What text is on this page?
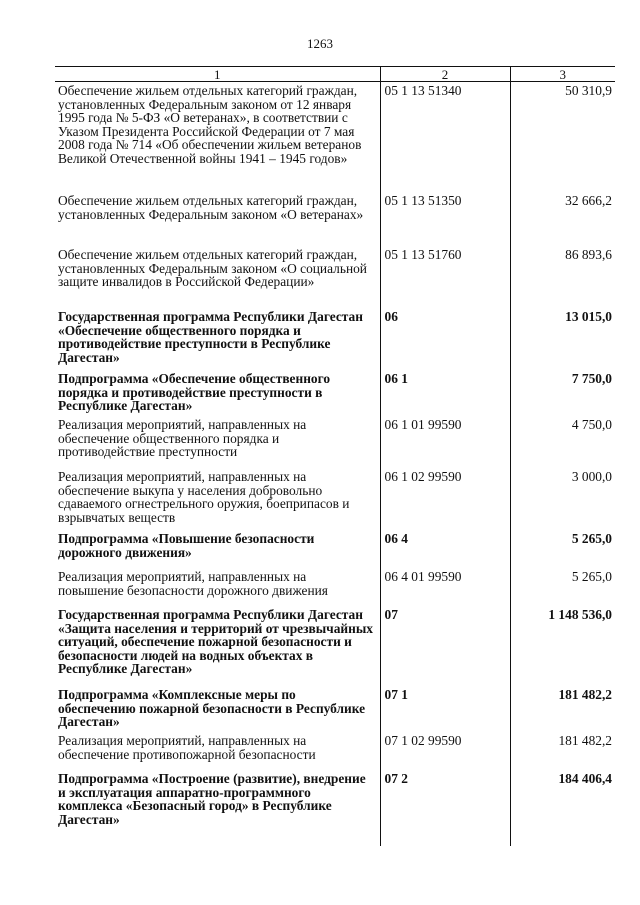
1263
1	2	3
Обеспечение жильем отдельных категорий граждан, установленных Федеральным законом от 12 января 1995 года № 5-ФЗ «О ветеранах», в соответствии с Указом Президента Российской Федерации от 7 мая 2008 года № 714 «Об обеспечении жильем ветеранов Великой Отечественной войны 1941 – 1945 годов»	05 1 13 51340	50 310,9
Обеспечение жильем отдельных категорий граждан, установленных Федеральным законом «О ветеранах»	05 1 13 51350	32 666,2
Обеспечение жильем отдельных категорий граждан, установленных Федеральным законом «О социальной защите инвалидов в Российской Федерации»	05 1 13 51760	86 893,6
Государственная программа Республики Дагестан «Обеспечение общественного порядка и противодействие преступности в Республике Дагестан»	06	13 015,0
Подпрограмма «Обеспечение общественного порядка и противодействие преступности в Республике Дагестан»	06 1	7 750,0
Реализация мероприятий, направленных на обеспечение общественного порядка и противодействие преступности	06 1 01 99590	4 750,0
Реализация мероприятий, направленных на обеспечение выкупа у населения добровольно сдаваемого огнестрельного оружия, боеприпасов и взрывчатых веществ	06 1 02 99590	3 000,0
Подпрограмма «Повышение безопасности дорожного движения»	06 4	5 265,0
Реализация мероприятий, направленных на повышение безопасности дорожного движения	06 4 01 99590	5 265,0
Государственная программа Республики Дагестан «Защита населения и территорий от чрезвычайных ситуаций, обеспечение пожарной безопасности и безопасности людей на водных объектах в Республике Дагестан»	07	1 148 536,0
Подпрограмма «Комплексные меры по обеспечению пожарной безопасности в Республике Дагестан»	07 1	181 482,2
Реализация мероприятий, направленных на обеспечение противопожарной безопасности	07 1 02 99590	181 482,2
Подпрограмма «Построение (развитие), внедрение и эксплуатация аппаратно-программного комплекса «Безопасный город» в Республике Дагестан»	07 2	184 406,4
